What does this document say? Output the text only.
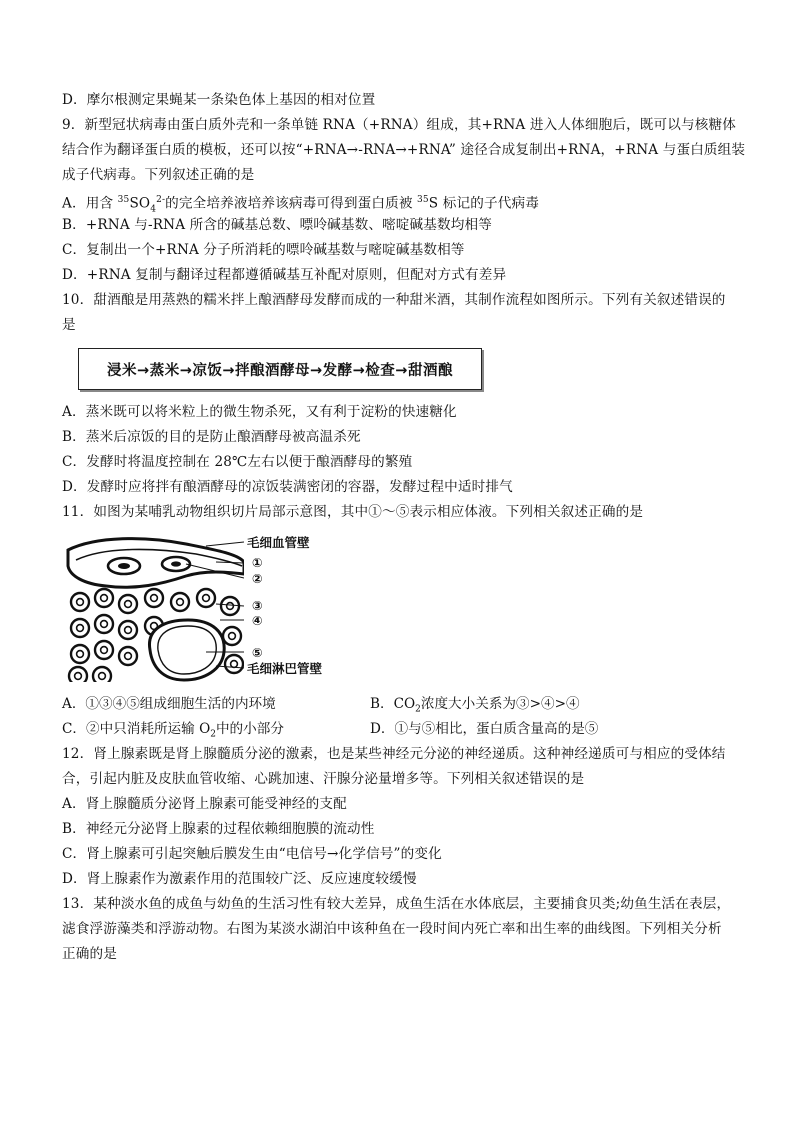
D．摩尔根测定果蝇某一条染色体上基因的相对位置
9．新型冠状病毒由蛋白质外壳和一条单链 RNA（+RNA）组成，其+RNA 进入人体细胞后，既可以与核糖体
结合作为翻译蛋白质的模板，还可以按“+RNA→-RNA→+RNA” 途径合成复制出+RNA，+RNA 与蛋白质组装
成子代病毒。下列叙述正确的是
A．用含 $^{35}SO_4^{2-}$的完全培养液培养该病毒可得到蛋白质被 $^{35}$S 标记的子代病毒
B．+RNA 与-RNA 所含的碱基总数、嘌呤碱基数、嘧啶碱基数均相等
C．复制出一个+RNA 分子所消耗的嘌呤碱基数与嘧啶碱基数相等
D．+RNA 复制与翻译过程都遵循碱基互补配对原则，但配对方式有差异
10．甜酒酿是用蒸熟的糯米拌上酿酒酵母发酵而成的一种甜米酒，其制作流程如图所示。下列有关叙述错误的
是
浸米→蒸米→凉饭→拌酿酒酵母→发酵→检查→甜酒酿
A．蒸米既可以将米粒上的微生物杀死，又有利于淀粉的快速糖化
B．蒸米后凉饭的目的是防止酿酒酵母被高温杀死
C．发酵时将温度控制在 28℃左右以便于酿酒酵母的繁殖
D．发酵时应将拌有酿酒酵母的凉饭装满密闭的容器，发酵过程中适时排气
11．如图为某哺乳动物组织切片局部示意图，其中①～⑤表示相应体液。下列相关叙述正确的是
毛细血管壁
①
②
③
④
⑤
毛细淋巴管壁
A．①③④⑤组成细胞生活的内环境	B．$CO_2$浓度大小关系为③>④>④
C．②中只消耗所运输 $O_2$中的小部分	D．①与⑤相比，蛋白质含量高的是⑤
12．肾上腺素既是肾上腺髓质分泌的激素，也是某些神经元分泌的神经递质。这种神经递质可与相应的受体结
合，引起内脏及皮肤血管收缩、心跳加速、汗腺分泌量增多等。下列相关叙述错误的是
A．肾上腺髓质分泌肾上腺素可能受神经的支配
B．神经元分泌肾上腺素的过程依赖细胞膜的流动性
C．肾上腺素可引起突触后膜发生由“电信号→化学信号”的变化
D．肾上腺素作为激素作用的范围较广泛、反应速度较缓慢
13．某种淡水鱼的成鱼与幼鱼的生活习性有较大差异，成鱼生活在水体底层，主要捕食贝类;幼鱼生活在表层，
滤食浮游藻类和浮游动物。右图为某淡水湖泊中该种鱼在一段时间内死亡率和出生率的曲线图。下列相关分析
正确的是
